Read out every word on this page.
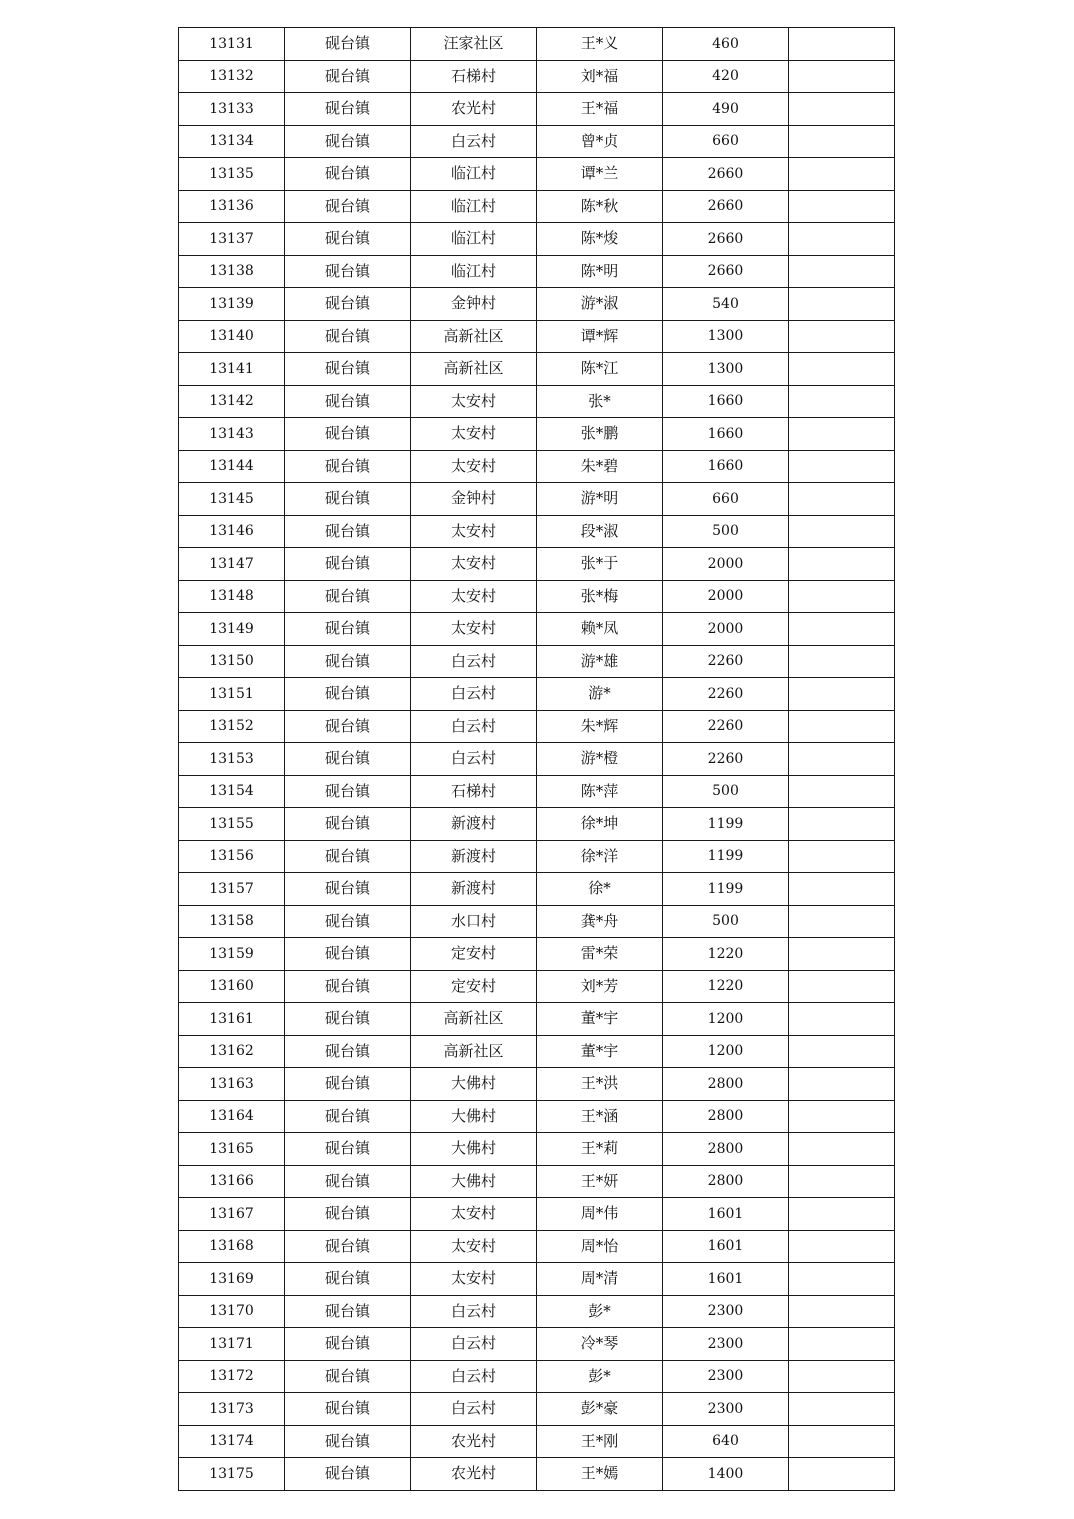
13131	砚台镇	汪家社区	王*义	460	
13132	砚台镇	石梯村	刘*福	420	
13133	砚台镇	农光村	王*福	490	
13134	砚台镇	白云村	曾*贞	660	
13135	砚台镇	临江村	谭*兰	2660	
13136	砚台镇	临江村	陈*秋	2660	
13137	砚台镇	临江村	陈*焌	2660	
13138	砚台镇	临江村	陈*明	2660	
13139	砚台镇	金钟村	游*淑	540	
13140	砚台镇	高新社区	谭*辉	1300	
13141	砚台镇	高新社区	陈*江	1300	
13142	砚台镇	太安村	张*	1660	
13143	砚台镇	太安村	张*鹏	1660	
13144	砚台镇	太安村	朱*碧	1660	
13145	砚台镇	金钟村	游*明	660	
13146	砚台镇	太安村	段*淑	500	
13147	砚台镇	太安村	张*于	2000	
13148	砚台镇	太安村	张*梅	2000	
13149	砚台镇	太安村	赖*凤	2000	
13150	砚台镇	白云村	游*雄	2260	
13151	砚台镇	白云村	游*	2260	
13152	砚台镇	白云村	朱*辉	2260	
13153	砚台镇	白云村	游*橙	2260	
13154	砚台镇	石梯村	陈*萍	500	
13155	砚台镇	新渡村	徐*坤	1199	
13156	砚台镇	新渡村	徐*洋	1199	
13157	砚台镇	新渡村	徐*	1199	
13158	砚台镇	水口村	龚*舟	500	
13159	砚台镇	定安村	雷*荣	1220	
13160	砚台镇	定安村	刘*芳	1220	
13161	砚台镇	高新社区	董*宇	1200	
13162	砚台镇	高新社区	董*宇	1200	
13163	砚台镇	大佛村	王*洪	2800	
13164	砚台镇	大佛村	王*涵	2800	
13165	砚台镇	大佛村	王*莉	2800	
13166	砚台镇	大佛村	王*妍	2800	
13167	砚台镇	太安村	周*伟	1601	
13168	砚台镇	太安村	周*怡	1601	
13169	砚台镇	太安村	周*清	1601	
13170	砚台镇	白云村	彭*	2300	
13171	砚台镇	白云村	冷*琴	2300	
13172	砚台镇	白云村	彭*	2300	
13173	砚台镇	白云村	彭*豪	2300	
13174	砚台镇	农光村	王*刚	640	
13175	砚台镇	农光村	王*嫣	1400	
